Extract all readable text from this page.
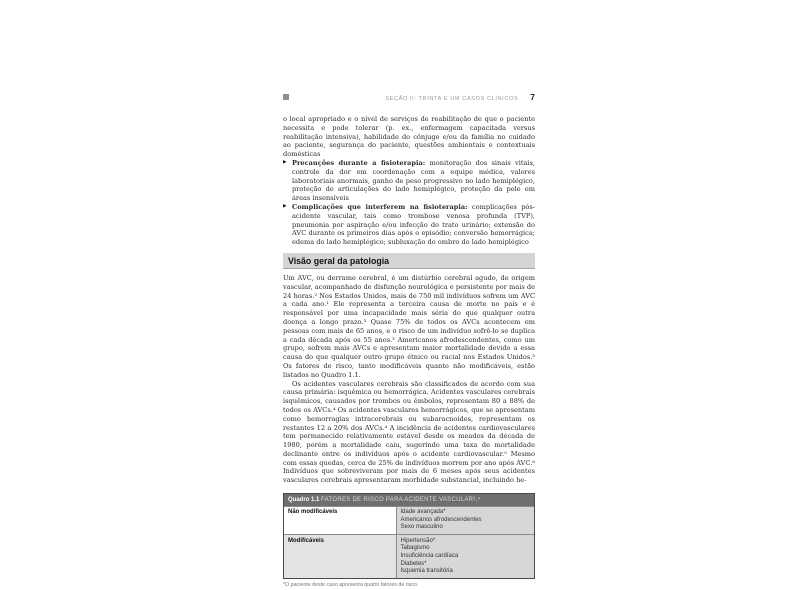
SEÇÃO II: TRINTA E UM CASOS CLÍNICOS 7

o local apropriado e o nível de serviços de reabilitação de que o paciente necessita e pode tolerar (p. ex., enfermagem capacitada versus reabilitação intensiva), habilidade do cônjuge e/ou da família no cuidado ao paciente, segurança do paciente, questões ambientais e contextuais domésticas

▶ Precauções durante a fisioterapia: monitoração dos sinais vitais, controle da dor em coordenação com a equipe médica, valores laboratoriais anormais, ganho de peso progressivo no lado hemiplégico, proteção de articulações do lado hemiplégico, proteção da pele em áreas insensíveis

▶ Complicações que interferem na fisioterapia: complicações pós-acidente vascular, tais como trombose venosa profunda (TVP), pneumonia por aspiração e/ou infecção do trato urinário; extensão do AVC durante os primeiros dias após o episódio; conversão hemorrágica; edema do lado hemiplégico; subluxação do ombro do lado hemiplégico

Visão geral da patologia

Um AVC, ou derrame cerebral, é um distúrbio cerebral agudo, de origem vascular, acompanhado de disfunção neurológica e persistente por mais de 24 horas.² Nos Estados Unidos, mais de 750 mil indivíduos sofrem um AVC a cada ano.¹ Ele representa a terceira causa de morte no país e é responsável por uma incapacidade mais séria do que qualquer outra doença a longo prazo.³ Quase 75% de todos os AVCs acontecem em pessoas com mais de 65 anos, e o risco de um indivíduo sofrê-lo se duplica a cada década após os 55 anos.³ Americanos afrodescendentes, como um grupo, sofrem mais AVCs e apresentam maior mortalidade devido a essa causa do que qualquer outro grupo étnico ou racial nos Estados Unidos.³ Os fatores de risco, tanto modificáveis quanto não modificáveis, estão listados no Quadro 1.1.

Os acidentes vasculares cerebrais são classificados de acordo com sua causa primária: isquêmica ou hemorrágica. Acidentes vasculares cerebrais isquêmicos, causados por trombos ou êmbolos, representam 80 a 88% de todos os AVCs.⁴ Os acidentes vasculares hemorrágicos, que se apresentam como hemorragias intracerebrais ou subaracnoides, representam os restantes 12 a 20% dos AVCs.⁴ A incidência de acidentes cardiovasculares tem permanecido relativamente estável desde os meados da década de 1980, porém a mortalidade caiu, sugerindo uma taxa de mortalidade declinante entre os indivíduos após o acidente cardiovascular.⁵ Mesmo com essas quedas, cerca de 25% de indivíduos morrem por ano após AVC.⁶ Indivíduos que sobreviveram por mais de 6 meses após seus acidentes vasculares cerebrais apresentaram morbidade substancial, incluindo he-

Quadro 1.1 FATORES DE RISCO PARA ACIDENTE VASCULAR³,⁴
Não modificáveis	Idade avançada*
Americanos afrodescendentes
Sexo masculino
Modificáveis	Hipertensão*
Tabagismo
Insuficiência cardíaca
Diabetes*
Isquemia transitória
*O paciente deste caso apresenta quatro fatores de risco.
